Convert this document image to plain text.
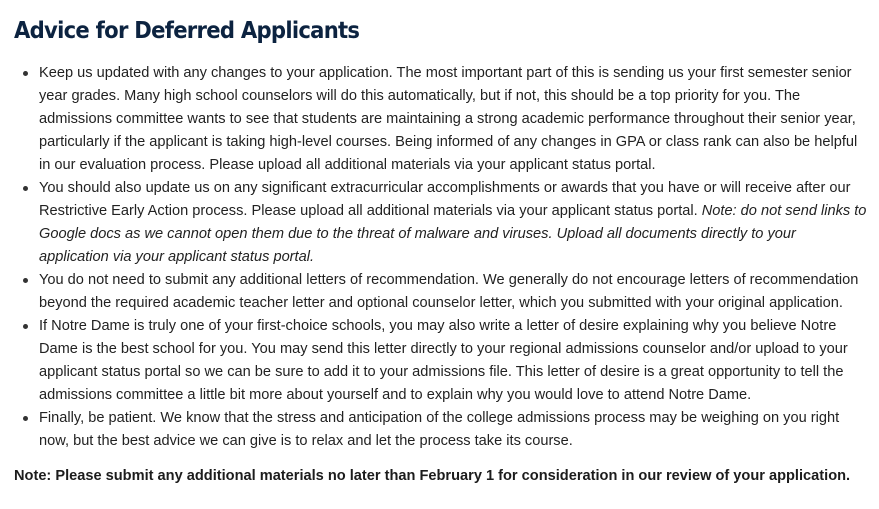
Advice for Deferred Applicants
Keep us updated with any changes to your application. The most important part of this is sending us your first semester senior year grades. Many high school counselors will do this automatically, but if not, this should be a top priority for you. The admissions committee wants to see that students are maintaining a strong academic performance throughout their senior year, particularly if the applicant is taking high-level courses. Being informed of any changes in GPA or class rank can also be helpful in our evaluation process. Please upload all additional materials via your applicant status portal.
You should also update us on any significant extracurricular accomplishments or awards that you have or will receive after our Restrictive Early Action process. Please upload all additional materials via your applicant status portal. Note: do not send links to Google docs as we cannot open them due to the threat of malware and viruses. Upload all documents directly to your application via your applicant status portal.
You do not need to submit any additional letters of recommendation. We generally do not encourage letters of recommendation beyond the required academic teacher letter and optional counselor letter, which you submitted with your original application.
If Notre Dame is truly one of your first-choice schools, you may also write a letter of desire explaining why you believe Notre Dame is the best school for you. You may send this letter directly to your regional admissions counselor and/or upload to your applicant status portal so we can be sure to add it to your admissions file. This letter of desire is a great opportunity to tell the admissions committee a little bit more about yourself and to explain why you would love to attend Notre Dame.
Finally, be patient. We know that the stress and anticipation of the college admissions process may be weighing on you right now, but the best advice we can give is to relax and let the process take its course.

Note: Please submit any additional materials no later than February 1 for consideration in our review of your application.
